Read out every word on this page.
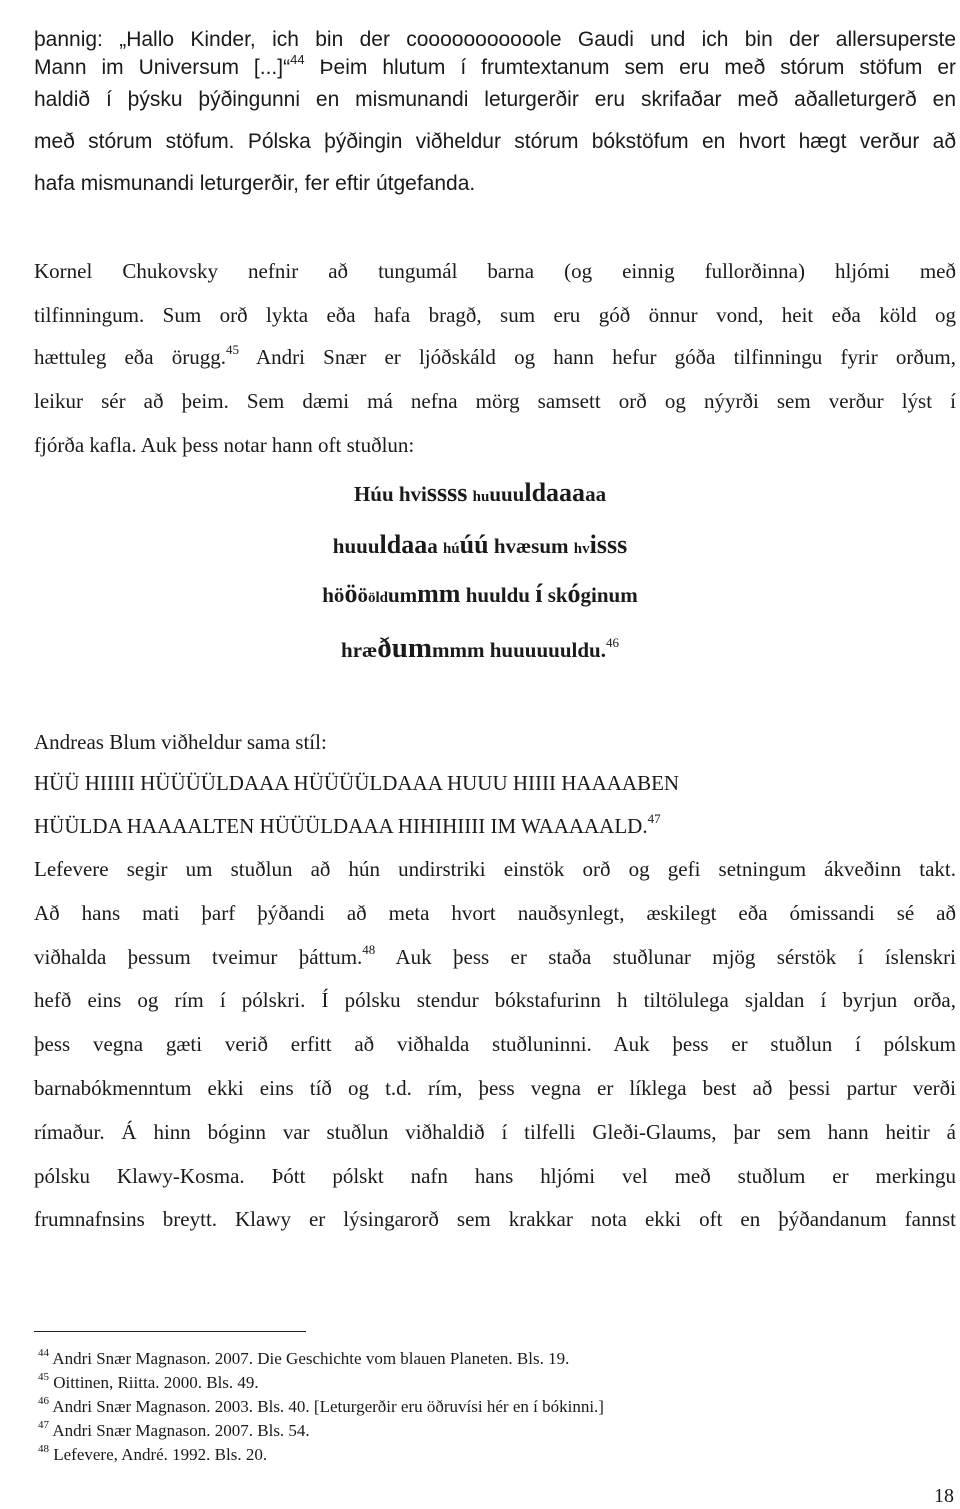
þannig: „Hallo Kinder, ich bin der cooooooooooole Gaudi und ich bin der allersuperste
Mann im Universum [...]“$^{44}$ Þeim hlutum í frumtextanum sem eru með stórum stöfum er
haldið í þýsku þýðingunni en mismunandi leturgerðir eru skrifaðar með aðalleturgerð en
með stórum stöfum. Pólska þýðingin viðheldur stórum bókstöfum en hvort hægt verður að
hafa mismunandi leturgerðir, fer eftir útgefanda.
Kornel Chukovsky nefnir að tungumál barna (og einnig fullorðinna) hljómi með
tilfinningum. Sum orð lykta eða hafa bragð, sum eru góð önnur vond, heit eða köld og
hættuleg eða örugg.$^{45}$ Andri Snær er ljóðskáld og hann hefur góða tilfinningu fyrir orðum,
leikur sér að þeim. Sem dæmi má nefna mörg samsett orð og nýyrði sem verður lýst í
fjórða kafla. Auk þess notar hann oft stuðlun:
Húu hvissss huuuuldaaaaa
huuuldaaa húúú hvæsum hvisss
hööööldummm huuldu í skóginum
hræðummmm huuuuuuldu.$^{46}$
Andreas Blum viðheldur sama stíl:
HÜÜ HIIIII HÜÜÜÜLDAAA HÜÜÜÜLDAAA HUUU HIIII HAAAABEN
HÜÜLDA HAAAALTEN HÜÜÜLDAAA HIHIHIIII IM WAAAAALD.$^{47}$
Lefevere segir um stuðlun að hún undirstriki einstök orð og gefi setningum ákveðinn takt.
Að hans mati þarf þýðandi að meta hvort nauðsynlegt, æskilegt eða ómissandi sé að
viðhalda þessum tveimur þáttum.$^{48}$ Auk þess er staða stuðlunar mjög sérstök í íslenskri
hefð eins og rím í pólskri. Í pólsku stendur bókstafurinn h tiltölulega sjaldan í byrjun orða,
þess vegna gæti verið erfitt að viðhalda stuðluninni. Auk þess er stuðlun í pólskum
barnabókmenntum ekki eins tíð og t.d. rím, þess vegna er líklega best að þessi partur verði
rímaður. Á hinn bóginn var stuðlun viðhaldið í tilfelli Gleði-Glaums, þar sem hann heitir á
pólsku Klawy-Kosma. Þótt pólskt nafn hans hljómi vel með stuðlum er merkingu
frumnafnsins breytt. Klawy er lýsingarorð sem krakkar nota ekki oft en þýðandanum fannst
$^{44}$ Andri Snær Magnason. 2007. Die Geschichte vom blauen Planeten. Bls. 19.
$^{45}$ Oittinen, Riitta. 2000. Bls. 49.
$^{46}$ Andri Snær Magnason. 2003. Bls. 40. [Leturgerðir eru öðruvísi hér en í bókinni.]
$^{47}$ Andri Snær Magnason. 2007. Bls. 54.
$^{48}$ Lefevere, André. 1992. Bls. 20.
18
